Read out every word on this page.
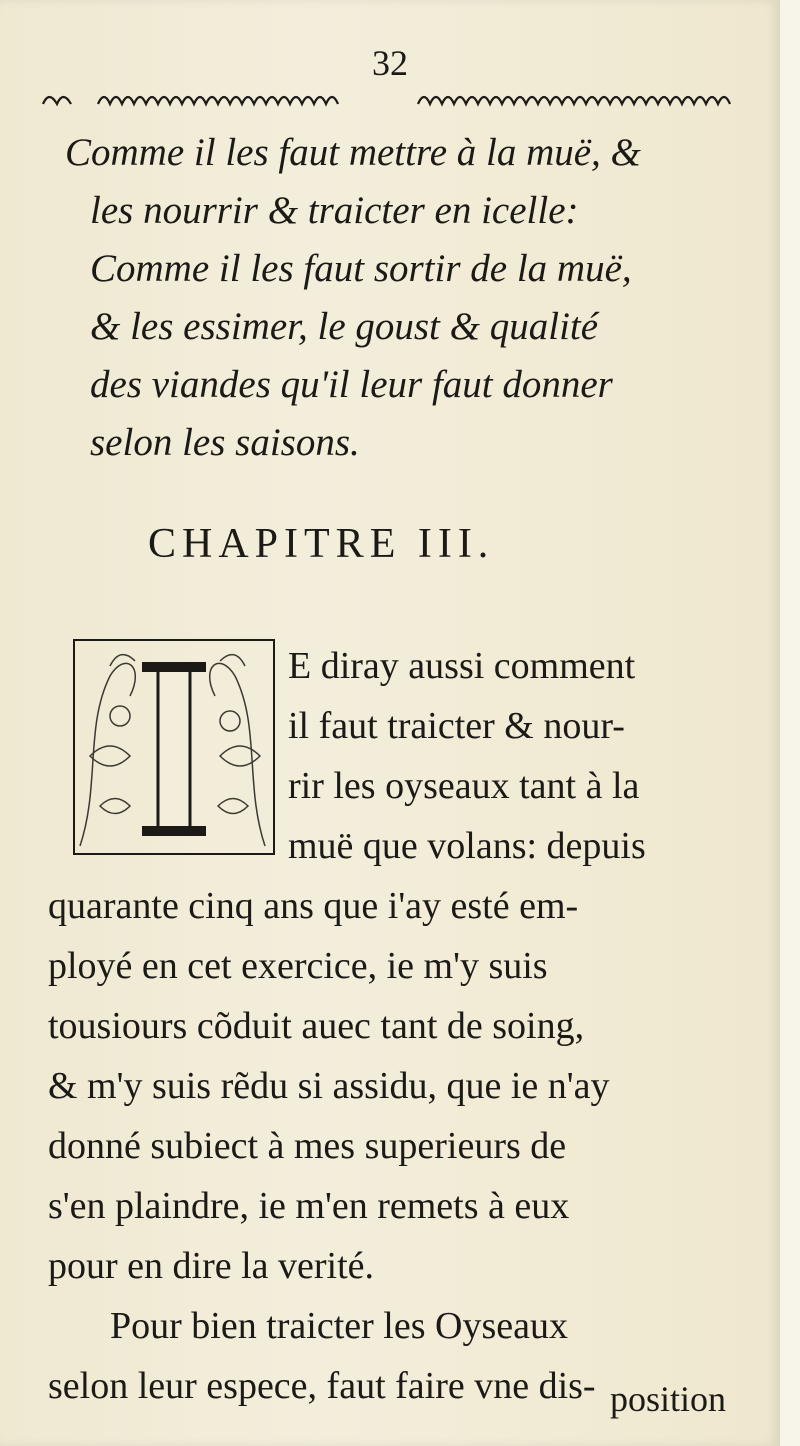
32
Comme il les faut mettre à la muë, &
les nourrir & traicter en icelle:
Comme il les faut sortir de la muë,
& les essimer, le goust & qualité
des viandes qu'il leur faut donner
selon les saisons.
CHAPITRE III.
E diray aussi comment
il faut traicter & nour-
rir les oyseaux tant à la
muë que volans: depuis
quarante cinq ans que i'ay esté em-
ployé en cet exercice, ie m'y suis
tousiours cõduit auec tant de soing,
& m'y suis rẽdu si assidu, que ie n'ay
donné subiect à mes superieurs de
s'en plaindre, ie m'en remets à eux
pour en dire la verité.
Pour bien traicter les Oyseaux
selon leur espece, faut faire vne dis- position
